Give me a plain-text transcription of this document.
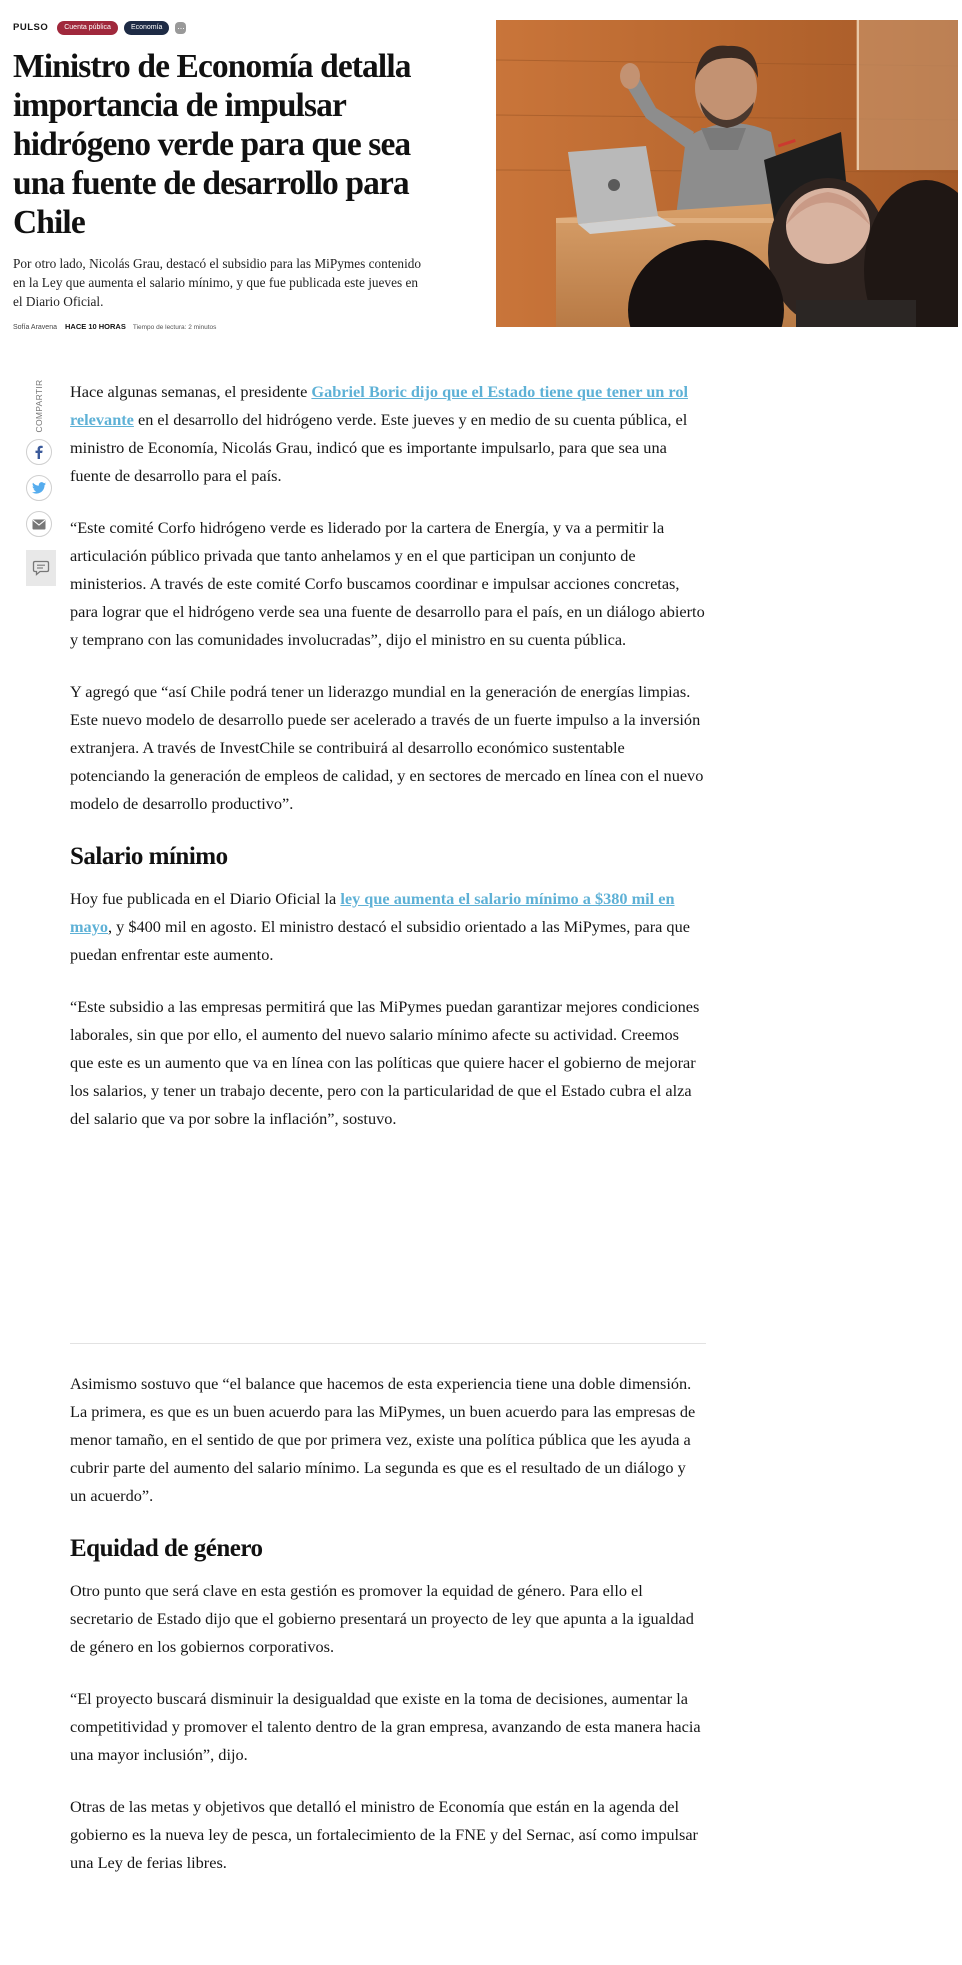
PULSO	Cuenta pública	Economía	...
Ministro de Economía detalla importancia de impulsar hidrógeno verde para que sea una fuente de desarrollo para Chile

Por otro lado, Nicolás Grau, destacó el subsidio para las MiPymes contenido en la Ley que aumenta el salario mínimo, y que fue publicada este jueves en el Diario Oficial.

Sofía Aravena HACE 10 HORAS Tiempo de lectura: 2 minutos
COMPARTIR Hace algunas semanas, el presidente Gabriel Boric dijo que el Estado tiene que tener un rol relevante en el desarrollo del hidrógeno verde. Este jueves y en medio de su cuenta pública, el ministro de Economía, Nicolás Grau, indicó que es importante impulsarlo, para que sea una fuente de desarrollo para el país.

“Este comité Corfo hidrógeno verde es liderado por la cartera de Energía, y va a permitir la articulación público privada que tanto anhelamos y en el que participan un conjunto de ministerios. A través de este comité Corfo buscamos coordinar e impulsar acciones concretas, para lograr que el hidrógeno verde sea una fuente de desarrollo para el país, en un diálogo abierto y temprano con las comunidades involucradas”, dijo el ministro en su cuenta pública.

Y agregó que “así Chile podrá tener un liderazgo mundial en la generación de energías limpias. Este nuevo modelo de desarrollo puede ser acelerado a través de un fuerte impulso a la inversión extranjera. A través de InvestChile se contribuirá al desarrollo económico sustentable potenciando la generación de empleos de calidad, y en sectores de mercado en línea con el nuevo modelo de desarrollo productivo”.

Salario mínimo

Hoy fue publicada en el Diario Oficial la ley que aumenta el salario mínimo a $380 mil en mayo, y $400 mil en agosto. El ministro destacó el subsidio orientado a las MiPymes, para que puedan enfrentar este aumento.

“Este subsidio a las empresas permitirá que las MiPymes puedan garantizar mejores condiciones laborales, sin que por ello, el aumento del nuevo salario mínimo afecte su actividad. Creemos que este es un aumento que va en línea con las políticas que quiere hacer el gobierno de mejorar los salarios, y tener un trabajo decente, pero con la particularidad de que el Estado cubra el alza del salario que va por sobre la inflación”, sostuvo.

Asimismo sostuvo que “el balance que hacemos de esta experiencia tiene una doble dimensión. La primera, es que es un buen acuerdo para las MiPymes, un buen acuerdo para las empresas de menor tamaño, en el sentido de que por primera vez, existe una política pública que les ayuda a cubrir parte del aumento del salario mínimo. La segunda es que es el resultado de un diálogo y un acuerdo”.

Equidad de género

Otro punto que será clave en esta gestión es promover la equidad de género. Para ello el secretario de Estado dijo que el gobierno presentará un proyecto de ley que apunta a la igualdad de género en los gobiernos corporativos.

“El proyecto buscará disminuir la desigualdad que existe en la toma de decisiones, aumentar la competitividad y promover el talento dentro de la gran empresa, avanzando de esta manera hacia una mayor inclusión”, dijo.

Otras de las metas y objetivos que detalló el ministro de Economía que están en la agenda del gobierno es la nueva ley de pesca, un fortalecimiento de la FNE y del Sernac, así como impulsar una Ley de ferias libres.
